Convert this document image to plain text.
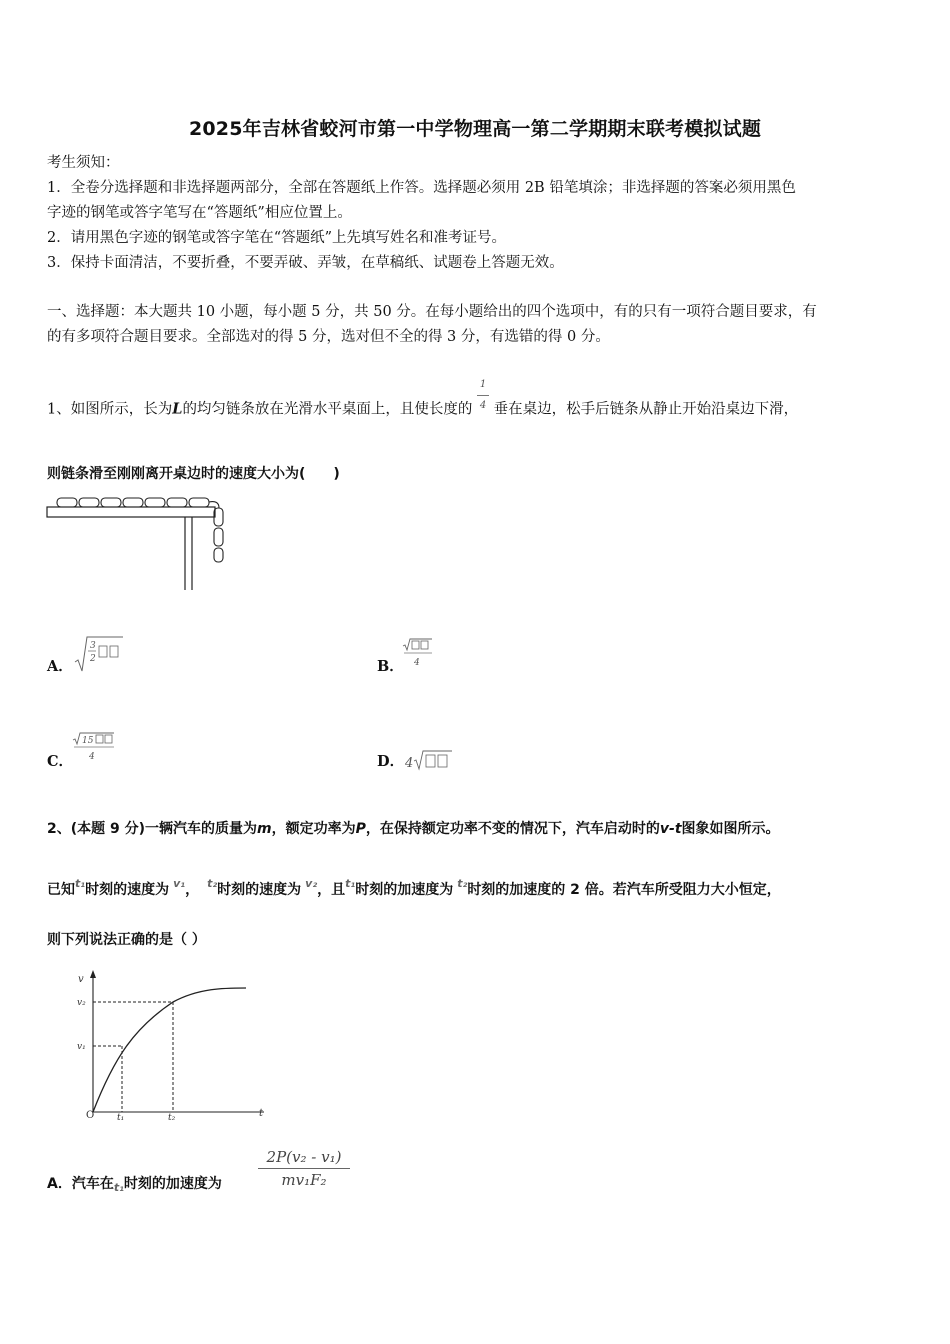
2025年吉林省蛟河市第一中学物理高一第二学期期末联考模拟试题
考生须知：
1．全卷分选择题和非选择题两部分，全部在答题纸上作答。选择题必须用 2B 铅笔填涂；非选择题的答案必须用黑色
字迹的钢笔或答字笔写在“答题纸”相应位置上。
2．请用黑色字迹的钢笔或答字笔在“答题纸”上先填写姓名和准考证号。
3．保持卡面清洁，不要折叠，不要弄破、弄皱，在草稿纸、试题卷上答题无效。
一、选择题：本大题共 10 小题，每小题 5 分，共 50 分。在每小题给出的四个选项中，有的只有一项符合题目要求，有
的有多项符合题目要求。全部选对的得 5 分，选对但不全的得 3 分，有选错的得 0 分。
1、如图所示，长为L的均匀链条放在光滑水平桌面上，且使长度的 $\frac{1}{4}$ 垂在桌边，松手后链条从静止开始沿桌边下滑，
则链条滑至刚刚离开桌边时的速度大小为(　　)
A．
3
2	B． 4
C．
15
4	D． 4
2、(本题 9 分)一辆汽车的质量为m，额定功率为P，在保持额定功率不变的情况下，汽车启动时的v-t图象如图所示。
已知$^{t_1}$时刻的速度为 $^{v_1}$， $^{t_2}$时刻的速度为 $^{v_2}$，且$^{t_1}$时刻的加速度为 $^{t_2}$时刻的加速度的 2 倍。若汽车所受阻力大小恒定，
则下列说法正确的是（ ）
v
t
O
v₂
v₁
t₁	t₂
A．汽车在$_{t_1}$时刻的加速度为 $\frac{\text{2P(v₂ - v₁)}}{\text{mv₁F₂}}$
